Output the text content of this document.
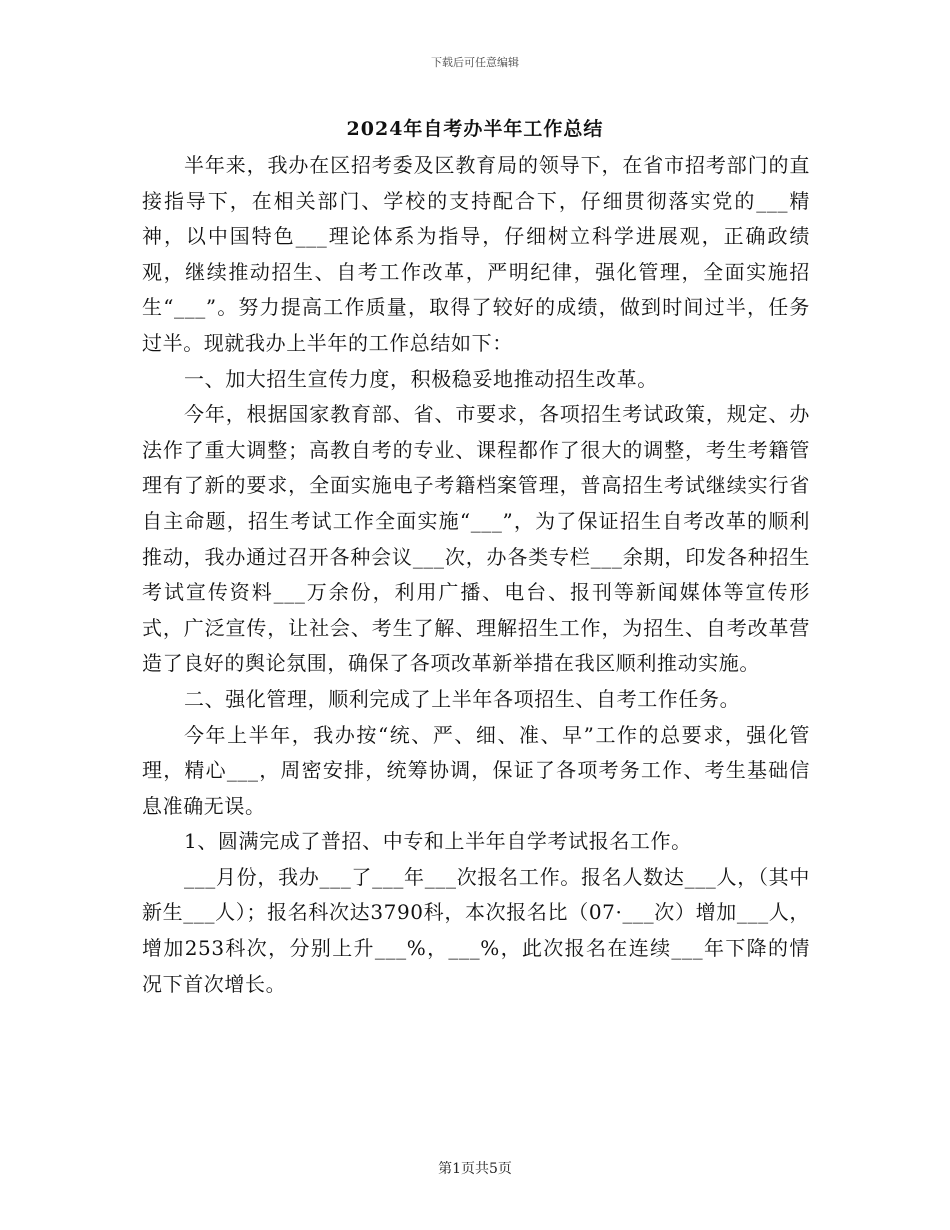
下载后可任意编辑
2024年自考办半年工作总结

半年来，我办在区招考委及区教育局的领导下，在省市招考部门的直接指导下，在相关部门、学校的支持配合下，仔细贯彻落实党的___精神，以中国特色___理论体系为指导，仔细树立科学进展观，正确政绩观，继续推动招生、自考工作改革，严明纪律，强化管理，全面实施招生“___”。努力提高工作质量，取得了较好的成绩，做到时间过半，任务过半。现就我办上半年的工作总结如下：

一、加大招生宣传力度，积极稳妥地推动招生改革。

今年，根据国家教育部、省、市要求，各项招生考试政策，规定、办法作了重大调整；高教自考的专业、课程都作了很大的调整，考生考籍管理有了新的要求，全面实施电子考籍档案管理，普高招生考试继续实行省自主命题，招生考试工作全面实施“___”，为了保证招生自考改革的顺利推动，我办通过召开各种会议___次，办各类专栏___余期，印发各种招生考试宣传资料___万余份，利用广播、电台、报刊等新闻媒体等宣传形式，广泛宣传，让社会、考生了解、理解招生工作，为招生、自考改革营造了良好的舆论氛围，确保了各项改革新举措在我区顺利推动实施。

二、强化管理，顺利完成了上半年各项招生、自考工作任务。

今年上半年，我办按“统、严、细、准、早”工作的总要求，强化管理，精心___，周密安排，统筹协调，保证了各项考务工作、考生基础信息准确无误。

1、圆满完成了普招、中专和上半年自学考试报名工作。

___月份，我办___了___年___次报名工作。报名人数达___人，（其中新生___人）；报名科次达3790科，本次报名比（07·___次）增加___人，增加253科次，分别上升___%，___%，此次报名在连续___年下降的情况下首次增长。

第1页共5页
